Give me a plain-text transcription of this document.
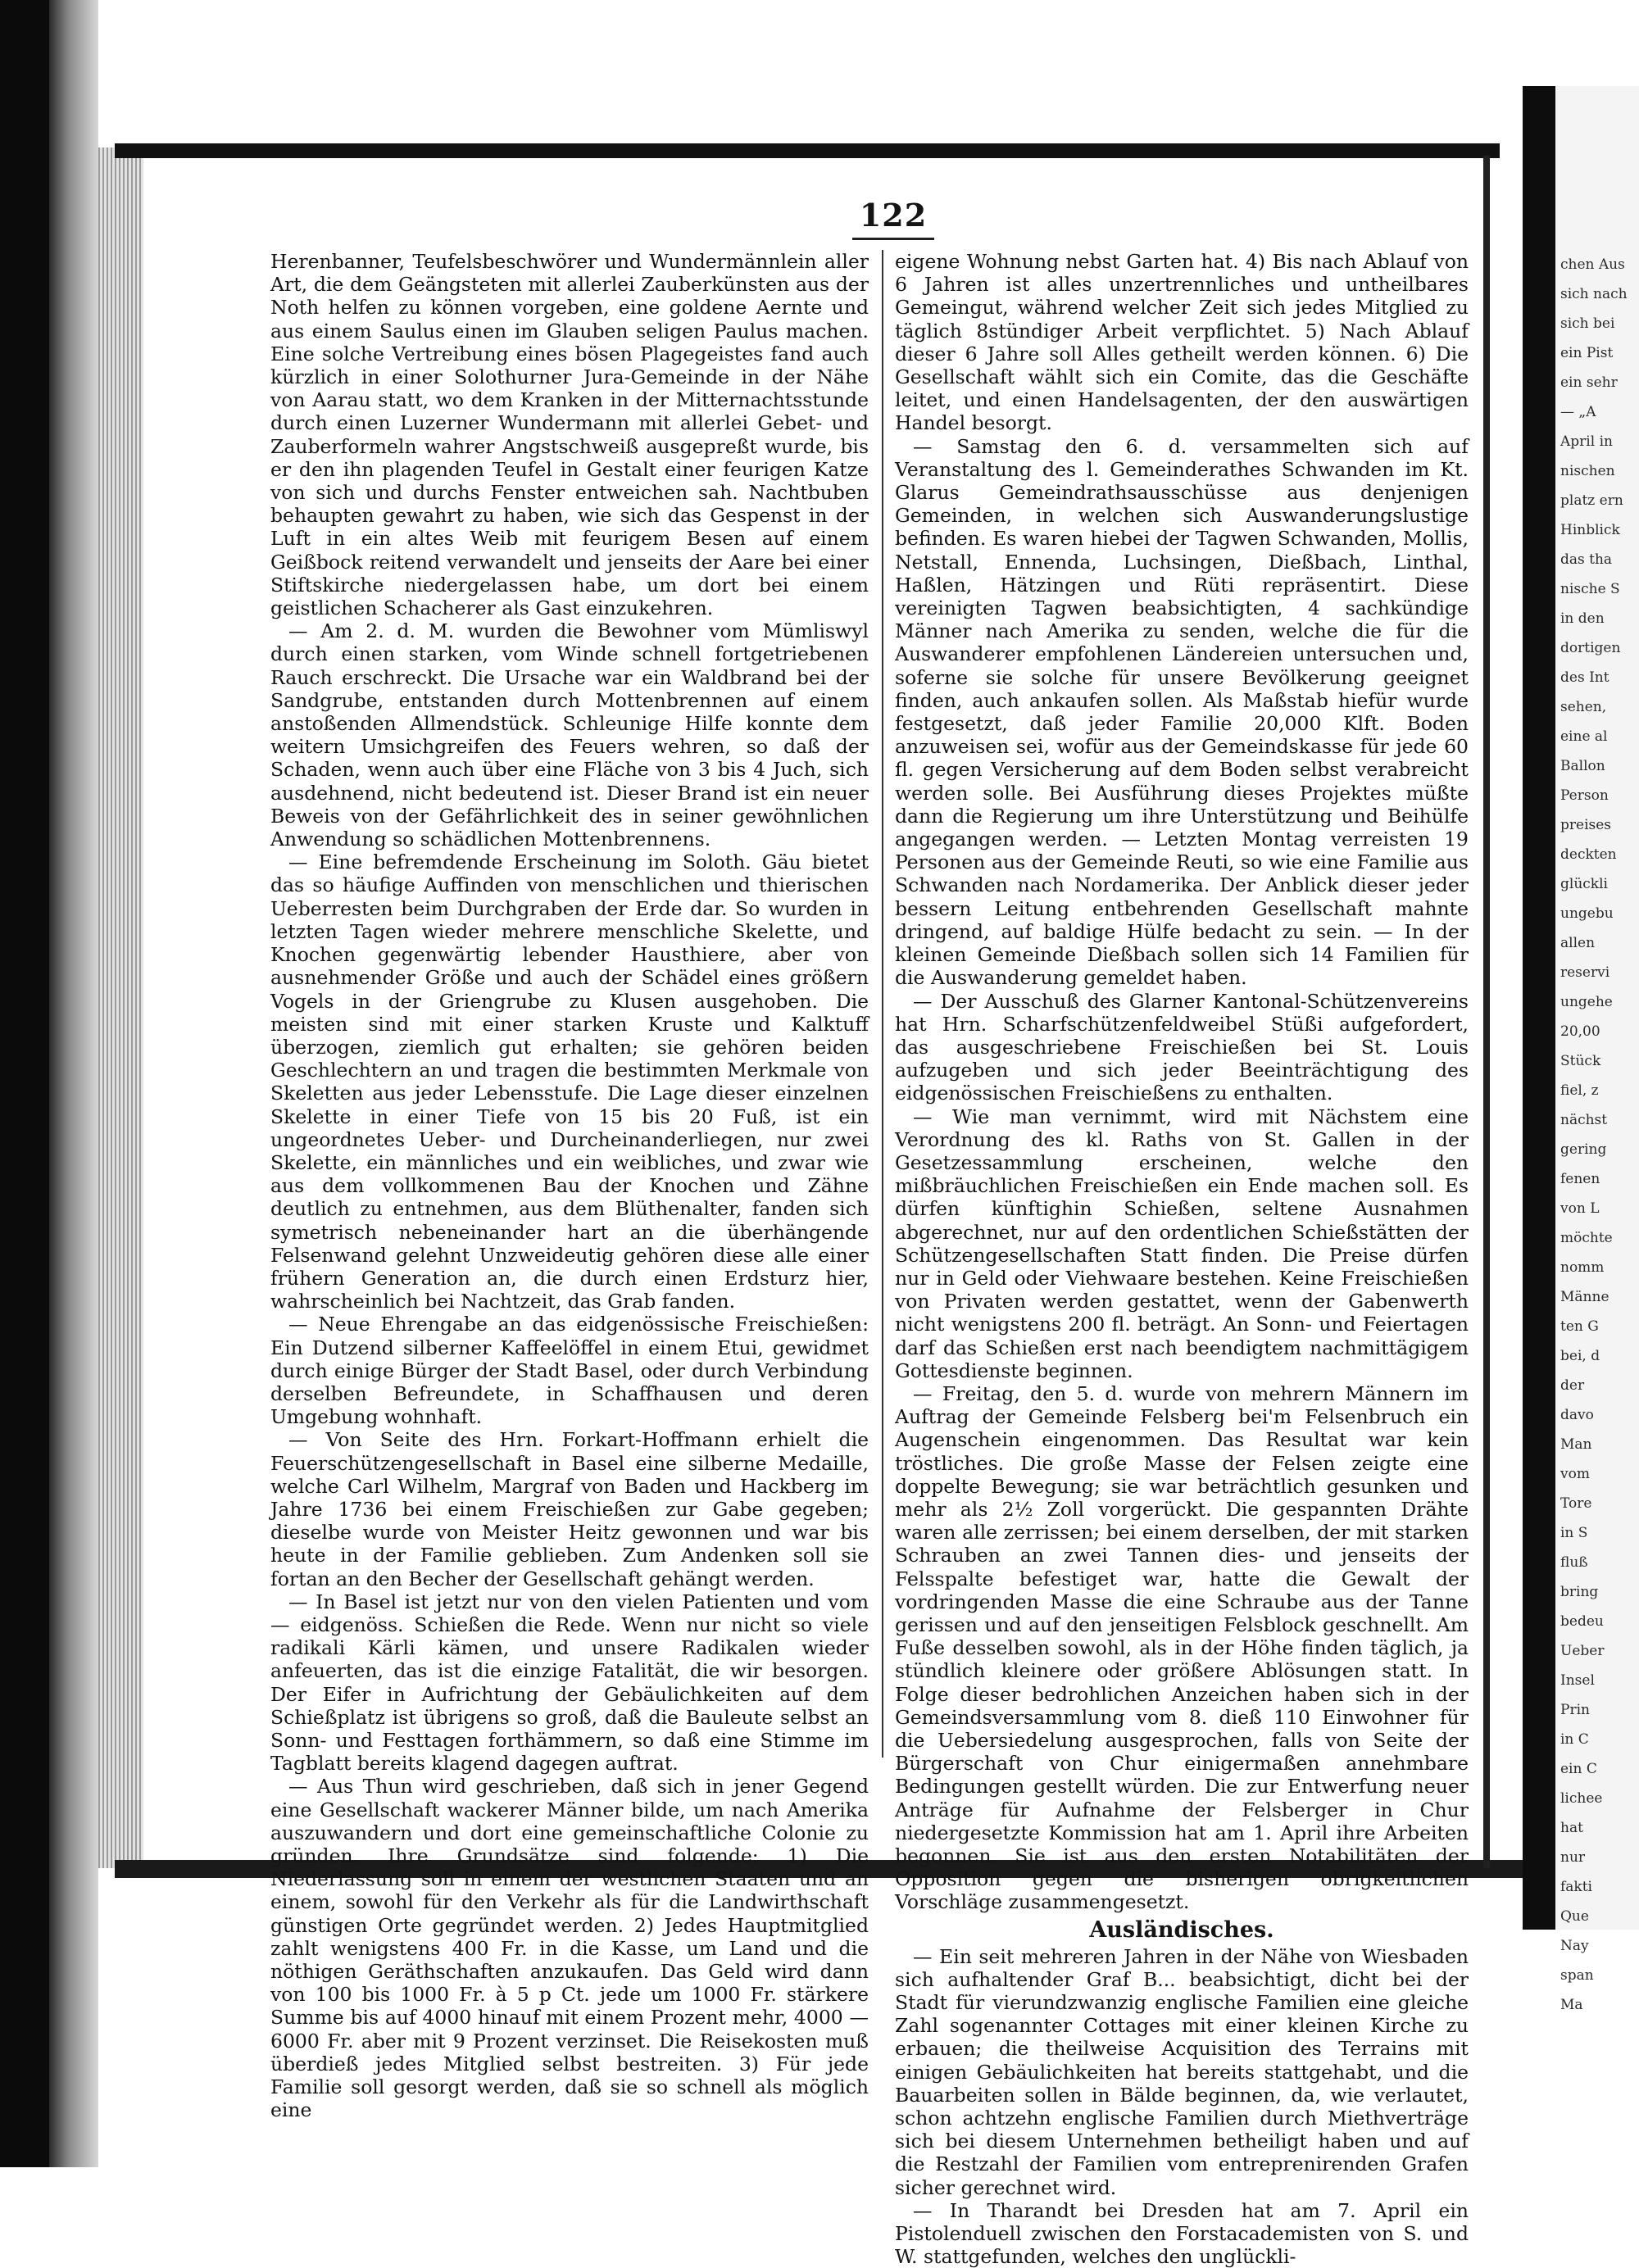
chen Aus
sich nach
sich bei
ein Pist
ein sehr
— „A
April in
nischen
platz ern
Hinblick
das tha
nische S
in den
dortigen
des Int
sehen,
eine al
Ballon
Person
preises
deckten
glückli
ungebu
allen
reservi
ungehe
20,00
Stück
fiel, z
nächst
gering
fenen
von L
möchte
nomm
Männe
ten G
bei, d
der
davo
Man
vom
Tore
in S
fluß
bring
bedeu
Ueber
Insel
Prin
in C
ein C
lichee
hat
nur
fakti
Que
Nay
span
Ma
122

Herenbanner, Teufelsbeschwörer und Wundermännlein aller Art, die dem Geängsteten mit allerlei Zauberkünsten aus der Noth helfen zu können vorgeben, eine goldene Aernte und aus einem Saulus einen im Glauben seligen Paulus machen. Eine solche Vertreibung eines bösen Plagegeistes fand auch kürzlich in einer Solothurner Jura-Gemeinde in der Nähe von Aarau statt, wo dem Kranken in der Mitternachtsstunde durch einen Luzerner Wundermann mit allerlei Gebet- und Zauberformeln wahrer Angstschweiß ausgepreßt wurde, bis er den ihn plagenden Teufel in Gestalt einer feurigen Katze von sich und durchs Fenster entweichen sah. Nachtbuben behaupten gewahrt zu haben, wie sich das Gespenst in der Luft in ein altes Weib mit feurigem Besen auf einem Geißbock reitend verwandelt und jenseits der Aare bei einer Stiftskirche niedergelassen habe, um dort bei einem geistlichen Schacherer als Gast einzukehren.

— Am 2. d. M. wurden die Bewohner vom Mümliswyl durch einen starken, vom Winde schnell fortgetriebenen Rauch erschreckt. Die Ursache war ein Waldbrand bei der Sandgrube, entstanden durch Mottenbrennen auf einem anstoßenden Allmendstück. Schleunige Hilfe konnte dem weitern Umsichgreifen des Feuers wehren, so daß der Schaden, wenn auch über eine Fläche von 3 bis 4 Juch, sich ausdehnend, nicht bedeutend ist. Dieser Brand ist ein neuer Beweis von der Gefährlichkeit des in seiner gewöhnlichen Anwendung so schädlichen Mottenbrennens.

— Eine befremdende Erscheinung im Soloth. Gäu bietet das so häufige Auffinden von menschlichen und thierischen Ueberresten beim Durchgraben der Erde dar. So wurden in letzten Tagen wieder mehrere menschliche Skelette, und Knochen gegenwärtig lebender Hausthiere, aber von ausnehmender Größe und auch der Schädel eines größern Vogels in der Griengrube zu Klusen ausgehoben. Die meisten sind mit einer starken Kruste und Kalktuff überzogen, ziemlich gut erhalten; sie gehören beiden Geschlechtern an und tragen die bestimmten Merkmale von Skeletten aus jeder Lebensstufe. Die Lage dieser einzelnen Skelette in einer Tiefe von 15 bis 20 Fuß, ist ein ungeordnetes Ueber- und Durcheinanderliegen, nur zwei Skelette, ein männliches und ein weibliches, und zwar wie aus dem vollkommenen Bau der Knochen und Zähne deutlich zu entnehmen, aus dem Blüthenalter, fanden sich symetrisch nebeneinander hart an die überhängende Felsenwand gelehnt Unzweideutig gehören diese alle einer frühern Generation an, die durch einen Erdsturz hier, wahrscheinlich bei Nachtzeit, das Grab fanden.

— Neue Ehrengabe an das eidgenössische Freischießen: Ein Dutzend silberner Kaffeelöffel in einem Etui, gewidmet durch einige Bürger der Stadt Basel, oder durch Verbindung derselben Befreundete, in Schaffhausen und deren Umgebung wohnhaft.

— Von Seite des Hrn. Forkart-Hoffmann erhielt die Feuerschützengesellschaft in Basel eine silberne Medaille, welche Carl Wilhelm, Margraf von Baden und Hackberg im Jahre 1736 bei einem Freischießen zur Gabe gegeben; dieselbe wurde von Meister Heitz gewonnen und war bis heute in der Familie geblieben. Zum Andenken soll sie fortan an den Becher der Gesellschaft gehängt werden.

— In Basel ist jetzt nur von den vielen Patienten und vom — eidgenöss. Schießen die Rede. Wenn nur nicht so viele radikali Kärli kämen, und unsere Radikalen wieder anfeuerten, das ist die einzige Fatalität, die wir besorgen. Der Eifer in Aufrichtung der Gebäulichkeiten auf dem Schießplatz ist übrigens so groß, daß die Bauleute selbst an Sonn- und Festtagen forthämmern, so daß eine Stimme im Tagblatt bereits klagend dagegen auftrat.

— Aus Thun wird geschrieben, daß sich in jener Gegend eine Gesellschaft wackerer Männer bilde, um nach Amerika auszuwandern und dort eine gemeinschaftliche Colonie zu gründen. Ihre Grundsätze sind folgende: 1) Die Niederlassung soll in einem der westlichen Staaten und an einem, sowohl für den Verkehr als für die Landwirthschaft günstigen Orte gegründet werden. 2) Jedes Hauptmitglied zahlt wenigstens 400 Fr. in die Kasse, um Land und die nöthigen Geräthschaften anzukaufen. Das Geld wird dann von 100 bis 1000 Fr. à 5 p Ct. jede um 1000 Fr. stärkere Summe bis auf 4000 hinauf mit einem Prozent mehr, 4000 — 6000 Fr. aber mit 9 Prozent verzinset. Die Reisekosten muß überdieß jedes Mitglied selbst bestreiten. 3) Für jede Familie soll gesorgt werden, daß sie so schnell als möglich eine

eigene Wohnung nebst Garten hat. 4) Bis nach Ablauf von 6 Jahren ist alles unzertrennliches und untheilbares Gemeingut, während welcher Zeit sich jedes Mitglied zu täglich 8stündiger Arbeit verpflichtet. 5) Nach Ablauf dieser 6 Jahre soll Alles getheilt werden können. 6) Die Gesellschaft wählt sich ein Comite, das die Geschäfte leitet, und einen Handelsagenten, der den auswärtigen Handel besorgt.

— Samstag den 6. d. versammelten sich auf Veranstaltung des l. Gemeinderathes Schwanden im Kt. Glarus Gemeindrathsausschüsse aus denjenigen Gemeinden, in welchen sich Auswanderungslustige befinden. Es waren hiebei der Tagwen Schwanden, Mollis, Netstall, Ennenda, Luchsingen, Dießbach, Linthal, Haßlen, Hätzingen und Rüti repräsentirt. Diese vereinigten Tagwen beabsichtigten, 4 sachkündige Männer nach Amerika zu senden, welche die für die Auswanderer empfohlenen Ländereien untersuchen und, soferne sie solche für unsere Bevölkerung geeignet finden, auch ankaufen sollen. Als Maßstab hiefür wurde festgesetzt, daß jeder Familie 20,000 Klft. Boden anzuweisen sei, wofür aus der Gemeindskasse für jede 60 fl. gegen Versicherung auf dem Boden selbst verabreicht werden solle. Bei Ausführung dieses Projektes müßte dann die Regierung um ihre Unterstützung und Beihülfe angegangen werden. — Letzten Montag verreisten 19 Personen aus der Gemeinde Reuti, so wie eine Familie aus Schwanden nach Nordamerika. Der Anblick dieser jeder bessern Leitung entbehrenden Gesellschaft mahnte dringend, auf baldige Hülfe bedacht zu sein. — In der kleinen Gemeinde Dießbach sollen sich 14 Familien für die Auswanderung gemeldet haben.

— Der Ausschuß des Glarner Kantonal-Schützenvereins hat Hrn. Scharfschützenfeldweibel Stüßi aufgefordert, das ausgeschriebene Freischießen bei St. Louis aufzugeben und sich jeder Beeinträchtigung des eidgenössischen Freischießens zu enthalten.

— Wie man vernimmt, wird mit Nächstem eine Verordnung des kl. Raths von St. Gallen in der Gesetzessammlung erscheinen, welche den mißbräuchlichen Freischießen ein Ende machen soll. Es dürfen künftighin Schießen, seltene Ausnahmen abgerechnet, nur auf den ordentlichen Schießstätten der Schützengesellschaften Statt finden. Die Preise dürfen nur in Geld oder Viehwaare bestehen. Keine Freischießen von Privaten werden gestattet, wenn der Gabenwerth nicht wenigstens 200 fl. beträgt. An Sonn- und Feiertagen darf das Schießen erst nach beendigtem nachmittägigem Gottesdienste beginnen.

— Freitag, den 5. d. wurde von mehrern Männern im Auftrag der Gemeinde Felsberg bei'm Felsenbruch ein Augenschein eingenommen. Das Resultat war kein tröstliches. Die große Masse der Felsen zeigte eine doppelte Bewegung; sie war beträchtlich gesunken und mehr als 2½ Zoll vorgerückt. Die gespannten Drähte waren alle zerrissen; bei einem derselben, der mit starken Schrauben an zwei Tannen dies- und jenseits der Felsspalte befestiget war, hatte die Gewalt der vordringenden Masse die eine Schraube aus der Tanne gerissen und auf den jenseitigen Felsblock geschnellt. Am Fuße desselben sowohl, als in der Höhe finden täglich, ja stündlich kleinere oder größere Ablösungen statt. In Folge dieser bedrohlichen Anzeichen haben sich in der Gemeindsversammlung vom 8. dieß 110 Einwohner für die Uebersiedelung ausgesprochen, falls von Seite der Bürgerschaft von Chur einigermaßen annehmbare Bedingungen gestellt würden. Die zur Entwerfung neuer Anträge für Aufnahme der Felsberger in Chur niedergesetzte Kommission hat am 1. April ihre Arbeiten begonnen. Sie ist aus den ersten Notabilitäten der Opposition gegen die bisherigen obrigkeitlichen Vorschläge zusammengesetzt.

Ausländisches.

— Ein seit mehreren Jahren in der Nähe von Wiesbaden sich aufhaltender Graf B... beabsichtigt, dicht bei der Stadt für vierundzwanzig englische Familien eine gleiche Zahl sogenannter Cottages mit einer kleinen Kirche zu erbauen; die theilweise Acquisition des Terrains mit einigen Gebäulichkeiten hat bereits stattgehabt, und die Bauarbeiten sollen in Bälde beginnen, da, wie verlautet, schon achtzehn englische Familien durch Miethverträge sich bei diesem Unternehmen betheiligt haben und auf die Restzahl der Familien vom entreprenirenden Grafen sicher gerechnet wird.

— In Tharandt bei Dresden hat am 7. April ein Pistolenduell zwischen den Forstacademisten von S. und W. stattgefunden, welches den unglückli-
